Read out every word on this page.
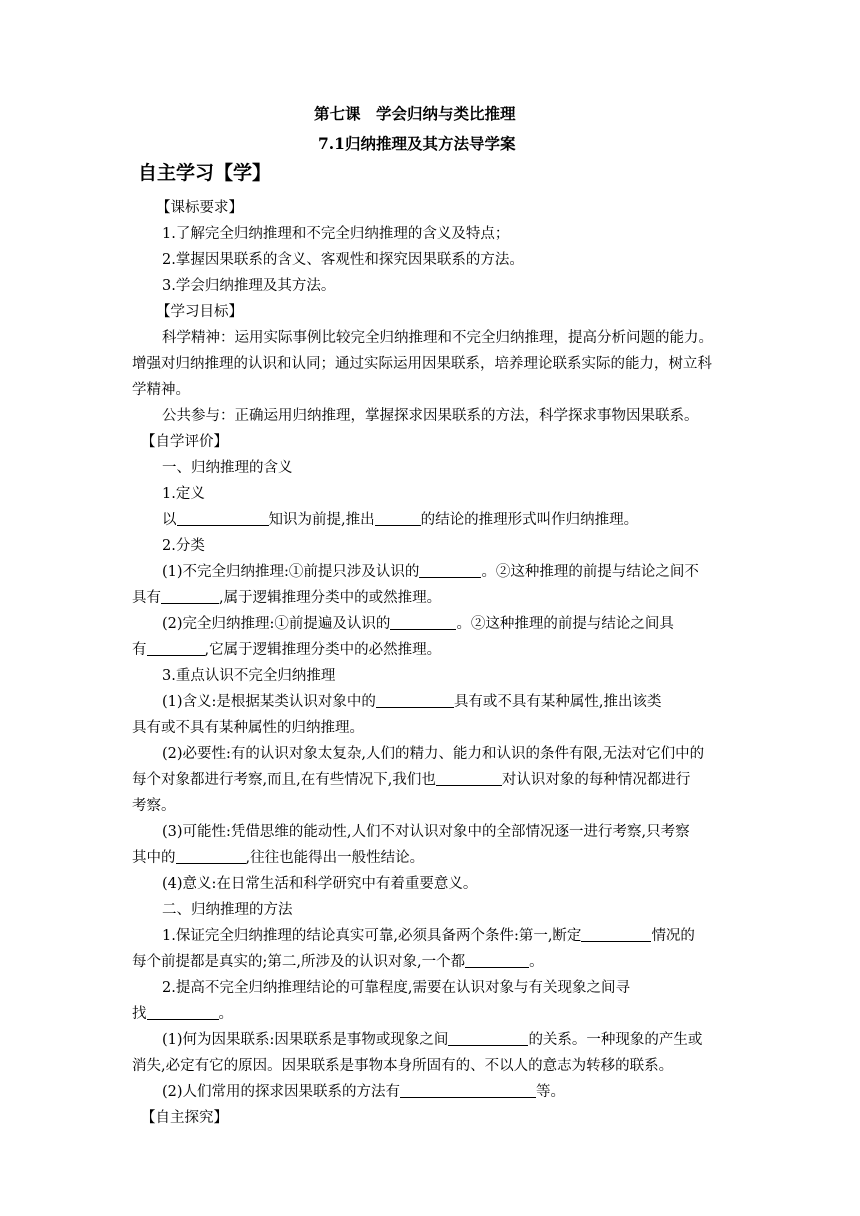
第七课　学会归纳与类比推理
7.1归纳推理及其方法导学案
自主学习【学】
【课标要求】
1.了解完全归纳推理和不完全归纳推理的含义及特点；
2.掌握因果联系的含义、客观性和探究因果联系的方法。
3.学会归纳推理及其方法。
【学习目标】
科学精神：运用实际事例比较完全归纳推理和不完全归纳推理，提高分析问题的能力。
增强对归纳推理的认识和认同；通过实际运用因果联系，培养理论联系实际的能力，树立科
学精神。
公共参与：正确运用归纳推理，掌握探求因果联系的方法，科学探求事物因果联系。
【自学评价】
一、归纳推理的含义
1.定义
以	知识为前提,推出	的结论的推理形式叫作归纳推理。
2.分类
(1)不完全归纳推理:①前提只涉及认识的	。②这种推理的前提与结论之间不
具有	,属于逻辑推理分类中的或然推理。
(2)完全归纳推理:①前提遍及认识的	。②这种推理的前提与结论之间具
有	,它属于逻辑推理分类中的必然推理。
3.重点认识不完全归纳推理
(1)含义:是根据某类认识对象中的	具有或不具有某种属性,推出该类
具有或不具有某种属性的归纳推理。
(2)必要性:有的认识对象太复杂,人们的精力、能力和认识的条件有限,无法对它们中的
每个对象都进行考察,而且,在有些情况下,我们也	对认识对象的每种情况都进行
考察。
(3)可能性:凭借思维的能动性,人们不对认识对象中的全部情况逐一进行考察,只考察
其中的	,往往也能得出一般性结论。
(4)意义:在日常生活和科学研究中有着重要意义。
二、归纳推理的方法
1.保证完全归纳推理的结论真实可靠,必须具备两个条件:第一,断定	情况的
每个前提都是真实的;第二,所涉及的认识对象,一个都	。
2.提高不完全归纳推理结论的可靠程度,需要在认识对象与有关现象之间寻
找	。
(1)何为因果联系:因果联系是事物或现象之间	的关系。一种现象的产生或
消失,必定有它的原因。因果联系是事物本身所固有的、不以人的意志为转移的联系。
(2)人们常用的探求因果联系的方法有	等。
【自主探究】
